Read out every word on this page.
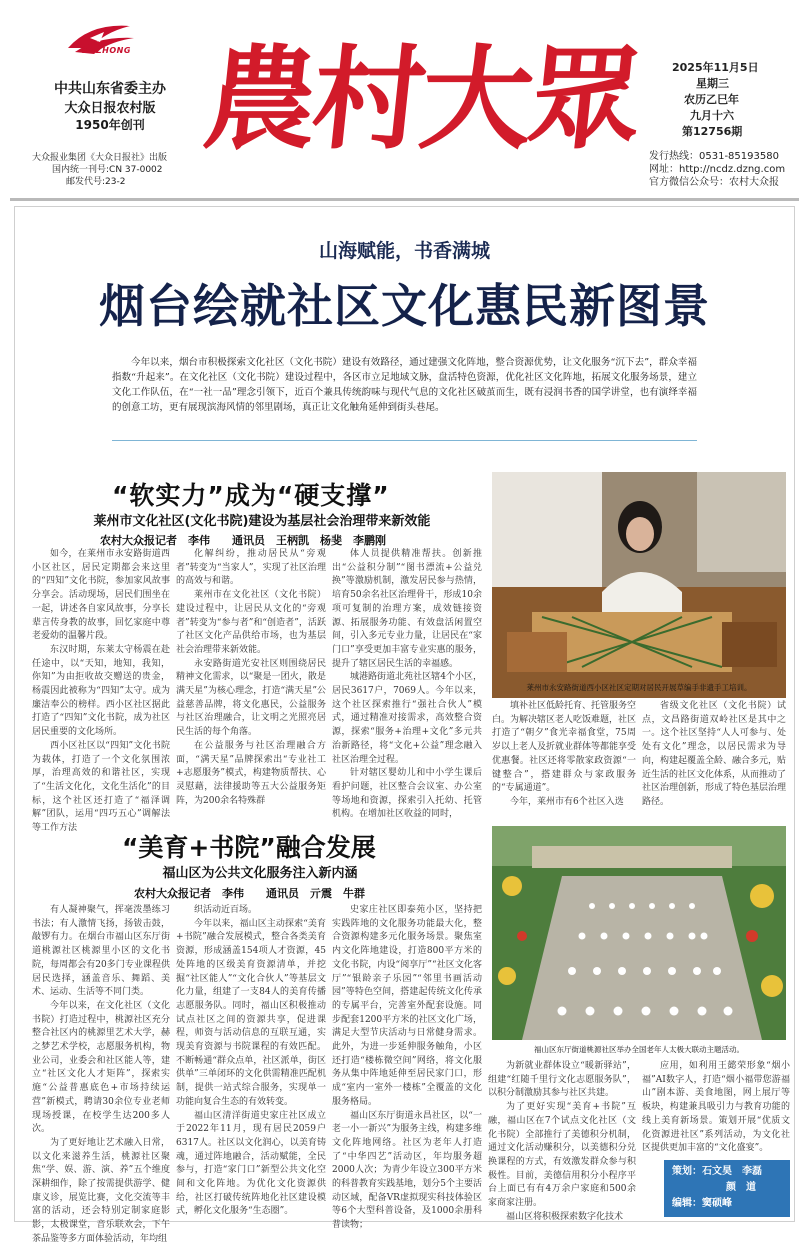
DAZHONG
中共山东省委主办
大众日报农村版
1950年创刊
大众报业集团《大众日报社》出版
国内统一刊号:CN 37-0002
邮发代号:23-2
農村大眾	2025年11月5日
星期三
农历乙巳年
九月十六
第12756期
发行热线：0531-85193580
网址：http://ncdz.dzng.com
官方微信公众号：农村大众报
山海赋能，书香满城
烟台绘就社区文化惠民新图景
今年以来，烟台市积极探索文化社区（文化书院）建设有效路径，通过建强文化阵地，整合资源优势，让文化服务“沉下去”，群众幸福指数“升起来”。在文化社区（文化书院）建设过程中，各区市立足地域文脉，盘活特色资源，优化社区文化阵地，拓展文化服务场景，建立文化工作队伍，在“一社一品”理念引领下，近百个兼具传统韵味与现代气息的文化社区破茧而生，既有浸润书香的国学讲堂，也有演绎幸福的创意工坊，更有展现滨海风情的邻里剧场，真正让文化触角延伸到街头巷尾。
“软实力”成为“硬支撑”
莱州市文化社区(文化书院)建设为基层社会治理带来新效能
农村大众报记者　李伟　　通讯员　王柄凯　杨斐　李鹏刚

如今，在莱州市永安路街道西小区社区，居民定期都会来这里的“四知”文化书院，参加家风故事分享会。活动现场，居民们围坐在一起，讲述各自家风故事，分享长辈言传身教的故事，回忆家庭中尊老爱幼的温馨片段。

东汉时期，东莱太守杨震在赴任途中，以“天知，地知，我知，你知”为由拒收故交赠送的贵金，杨震因此被称为“四知”太守。成为廉洁奉公的榜样。西小区社区据此打造了“四知”文化书院，成为社区居民重要的文化场所。

西小区社区以“四知”文化书院为载体，打造了一个文化氛围浓厚，治理高效的和谐社区，实现了“生活文化化，文化生活化”的目标，这个社区还打造了“福泽调解”团队，运用“四巧五心”调解法等工作方法

化解纠纷，推动居民从“旁观者”转变为“当家人”，实现了社区治理的高效与和谐。

莱州市在文化社区（文化书院）建设过程中，让居民从文化的“旁观者”转变为“参与者”和“创造者”，活跃了社区文化产品供给市场，也为基层社会治理带来新效能。

永安路街道光安社区则围绕居民精神文化需求，以“聚是一团火，散是满天星”为核心理念，打造“满天星”公益慈善品牌，将文化惠民，公益服务与社区治理融合，让文明之光照亮居民生活的每个角落。

在公益服务与社区治理融合方面，“满天星”品牌探索出“专业社工+志愿服务”模式，构建物质帮扶、心灵慰藉，法律援助等五大公益服务矩阵，为200余名特殊群

体人员提供精准帮扶。创新推出“公益积分制”“图书漂流+公益兑换”等激励机制，激发居民参与热情，培育50余名社区治理骨干，形成10余项可复制的治理方案，成效链接资源、拓展服务功能、有效盘活闲置空间，引入多元专业力量，让居民在“家门口”享受更加丰富专业实惠的服务，提升了辖区居民生活的幸福感。

城港路街道北苑社区辖4个小区，居民3617户，7069人。今年以来，这个社区探索推行“强社合伙人”模式，通过精准对接需求，高效整合资源，探索“服务+治理+文化”多元共治新路径，将“文化+公益”理念融入社区治理全过程。

针对辖区婴幼儿和中小学生课后看护问题，社区整合会议室、办公室等场地和资源，探索引入托幼、托管机构。在增加社区收益的同时，

莱州市永安路街道西小区社区定期对居民开展草编手非遗手工培训。

填补社区低龄托育、托管服务空白。为解决辖区老人吃饭难题，社区打造了“朝夕”食光幸福食堂，75周岁以上老人及折就业群体等都能享受优惠餐。社区还将零散家政资源“一键整合”，搭建群众与家政服务的“专属通道”。

今年，莱州市有6个社区入选

省级文化社区（文化书院）试点，文昌路街道双岭社区是其中之一。这个社区坚持“人人可参与、处处有文化”理念，以居民需求为导向，构建起覆盖全龄、融合多元，贴近生活的社区文化体系，从而推动了社区治理创新，形成了特色基层治理路径。

“美育+书院”融合发展
福山区为公共文化服务注入新内涵
农村大众报记者　李伟　　通讯员　亓震　牛群

有人凝神聚气，挥毫泼墨练习书法；有人激情飞扬，扬钹击鼓，敲锣有力。在烟台市福山区东厅街道桃源社区桃源里小区的文化书院，每周都会有20多门专业课程供居民选择，涵盖音乐、舞蹈、美术、运动、生活等不同门类。

今年以来，在文化社区（文化书院）打造过程中，桃源社区充分整合社区内的桃源里艺术大学，赫之梦艺术学校，志愿服务机构，物业公司，业委会和社区能人等，建立“社区文化人才矩阵”，探索实施“公益普惠底色+市场持续运营”新模式，聘请30余位专业老师现场授课，在校学生达200多人次。

为了更好地让艺术融入日常，以文化来滋养生活，桃源社区聚焦“学、娱、游、演、养”五个维度深耕细作，除了按需提供游学、健康义诊，展览比赛，文化交流等丰富的活动，还会特别定制家庭影影，太极课堂，音乐联欢会，下午茶品鉴等多方面体验活动，年均组

织活动近百场。

今年以来，福山区主动探索“美育+书院”融合发展模式，整合各类美育资源，形成涵盖154项人才资源，45处阵地的区级美育资源清单，并挖掘“社区能人”“文化合伙人”等基层文化力量，组建了一支84人的美育传播志愿服务队。同时，福山区积极推动试点社区之间的资源共享，促进课程，师资与活动信息的互联互通，实现美育资源与书院课程的有效匹配。不断畅通“群众点单，社区派单，街区供单”三单闭环的文化供需精准匹配机制，提供一站式综合服务，实现单一功能向复合生态的有效转变。

福山区清洋街道史家庄社区成立于2022年11月，现有居民2059户6317人。社区以文化润心，以美育铸魂，通过阵地融合，活动赋能，全民参与，打造“家门口”新型公共文化空间和文化阵地。为优化文化资源供给，社区打破传统阵地化社区建设模式，孵化文化服务“生态圈”。

史家庄社区即泰苑小区，坚持把实践阵地的文化服务功能最大化，整合资源构建多元化服务场景。聚焦室内文化阵地建设，打造800平方米的文化书院，内设“阅享厅”“社区文化客厅”“银龄亲子乐园”“邻里书画活动园”等特色空间，搭建起传统文化传承的专属平台，完善室外配套设施。同步配套1200平方米的社区文化广场，满足大型节庆活动与日常健身需求。此外，为进一步延伸服务触角，小区还打造“楼栋微空间”网络，将文化服务从集中阵地延伸至居民家门口，形成“室内一室外一楼栋”全覆盖的文化服务格局。

福山区东厅街道永昌社区，以“一老一小一新兴”为服务主线，构建多维文化阵地网络。社区为老年人打造了“中华四艺”活动区，年均服务超2000人次；为青少年设立300平方米的科普教育实践基地，划分5个主要活动区域，配备VR虚拟现实科技体验区等6个大型科普设备，及1000余册科普读物；

福山区东厅街道桃源社区举办全国老年人太极大联动主题活动。

为新就业群体设立“暖新驿站”，组建“红随千里行文化志愿服务队”，以积分制激励其参与社区共建。

为了更好实现“美育+书院”互融，福山区在7个试点文化社区（文化书院）全部推行了美德积分机制，通过文化活动赚积分，以美德积分兑换课程的方式，有效激发群众参与积极性。目前，美德信用积分小程序平台上面已有有4万余户家庭和500余家商家注册。

福山区将积极探索数字化技术

应用，如利用王懿荣形象“烟小福”AI数字人，打造“烟小福带您游福山”剧本游、美食地图，网上展厅等板块，构建兼具吸引力与教育功能的线上美育新场景。策划开展“优质文化资源进社区”系列活动，为文化社区提供更加丰富的“文化盛宴”。

策划：石文昊　李磊
颜　道
编辑：窦硕峰
